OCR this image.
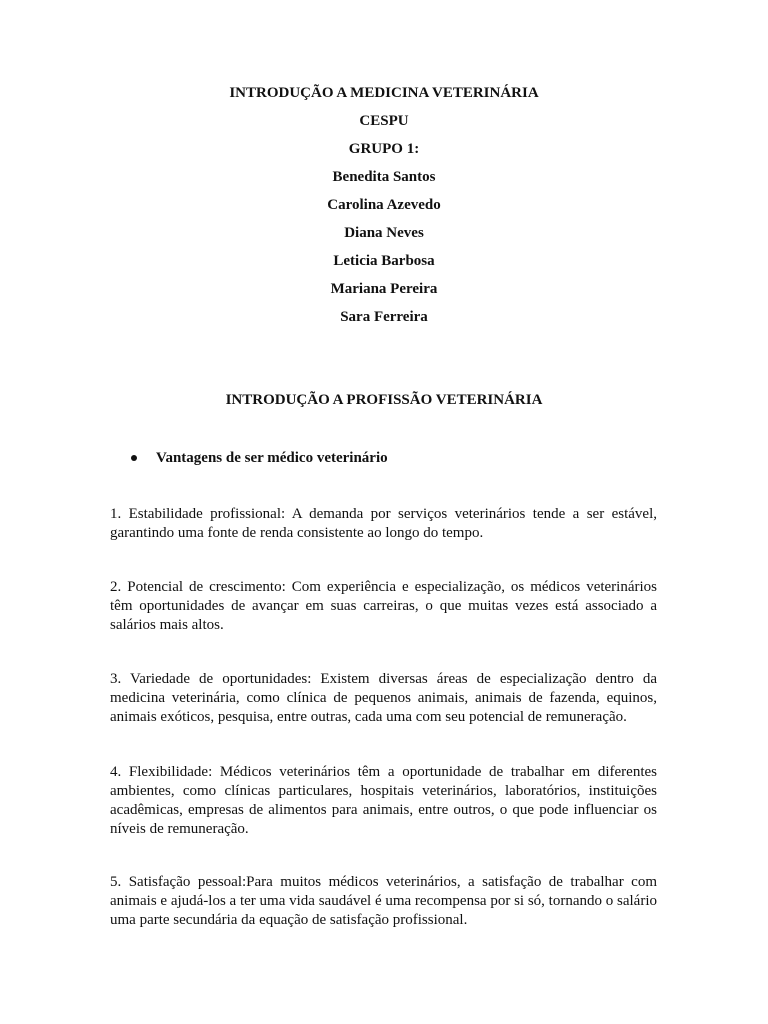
INTRODUÇÃO A MEDICINA VETERINÁRIA
CESPU
GRUPO 1:
Benedita Santos
Carolina Azevedo
Diana Neves
Leticia Barbosa
Mariana Pereira
Sara Ferreira
INTRODUÇÃO A PROFISSÃO VETERINÁRIA
Vantagens de ser médico veterinário

1. Estabilidade profissional: A demanda por serviços veterinários tende a ser estável, garantindo uma fonte de renda consistente ao longo do tempo.

2. Potencial de crescimento: Com experiência e especialização, os médicos veterinários têm oportunidades de avançar em suas carreiras, o que muitas vezes está associado a salários mais altos.

3. Variedade de oportunidades: Existem diversas áreas de especialização dentro da medicina veterinária, como clínica de pequenos animais, animais de fazenda, equinos, animais exóticos, pesquisa, entre outras, cada uma com seu potencial de remuneração.

4. Flexibilidade: Médicos veterinários têm a oportunidade de trabalhar em diferentes ambientes, como clínicas particulares, hospitais veterinários, laboratórios, instituições acadêmicas, empresas de alimentos para animais, entre outros, o que pode influenciar os níveis de remuneração.

5. Satisfação pessoal:Para muitos médicos veterinários, a satisfação de trabalhar com animais e ajudá-los a ter uma vida saudável é uma recompensa por si só, tornando o salário uma parte secundária da equação de satisfação profissional.
